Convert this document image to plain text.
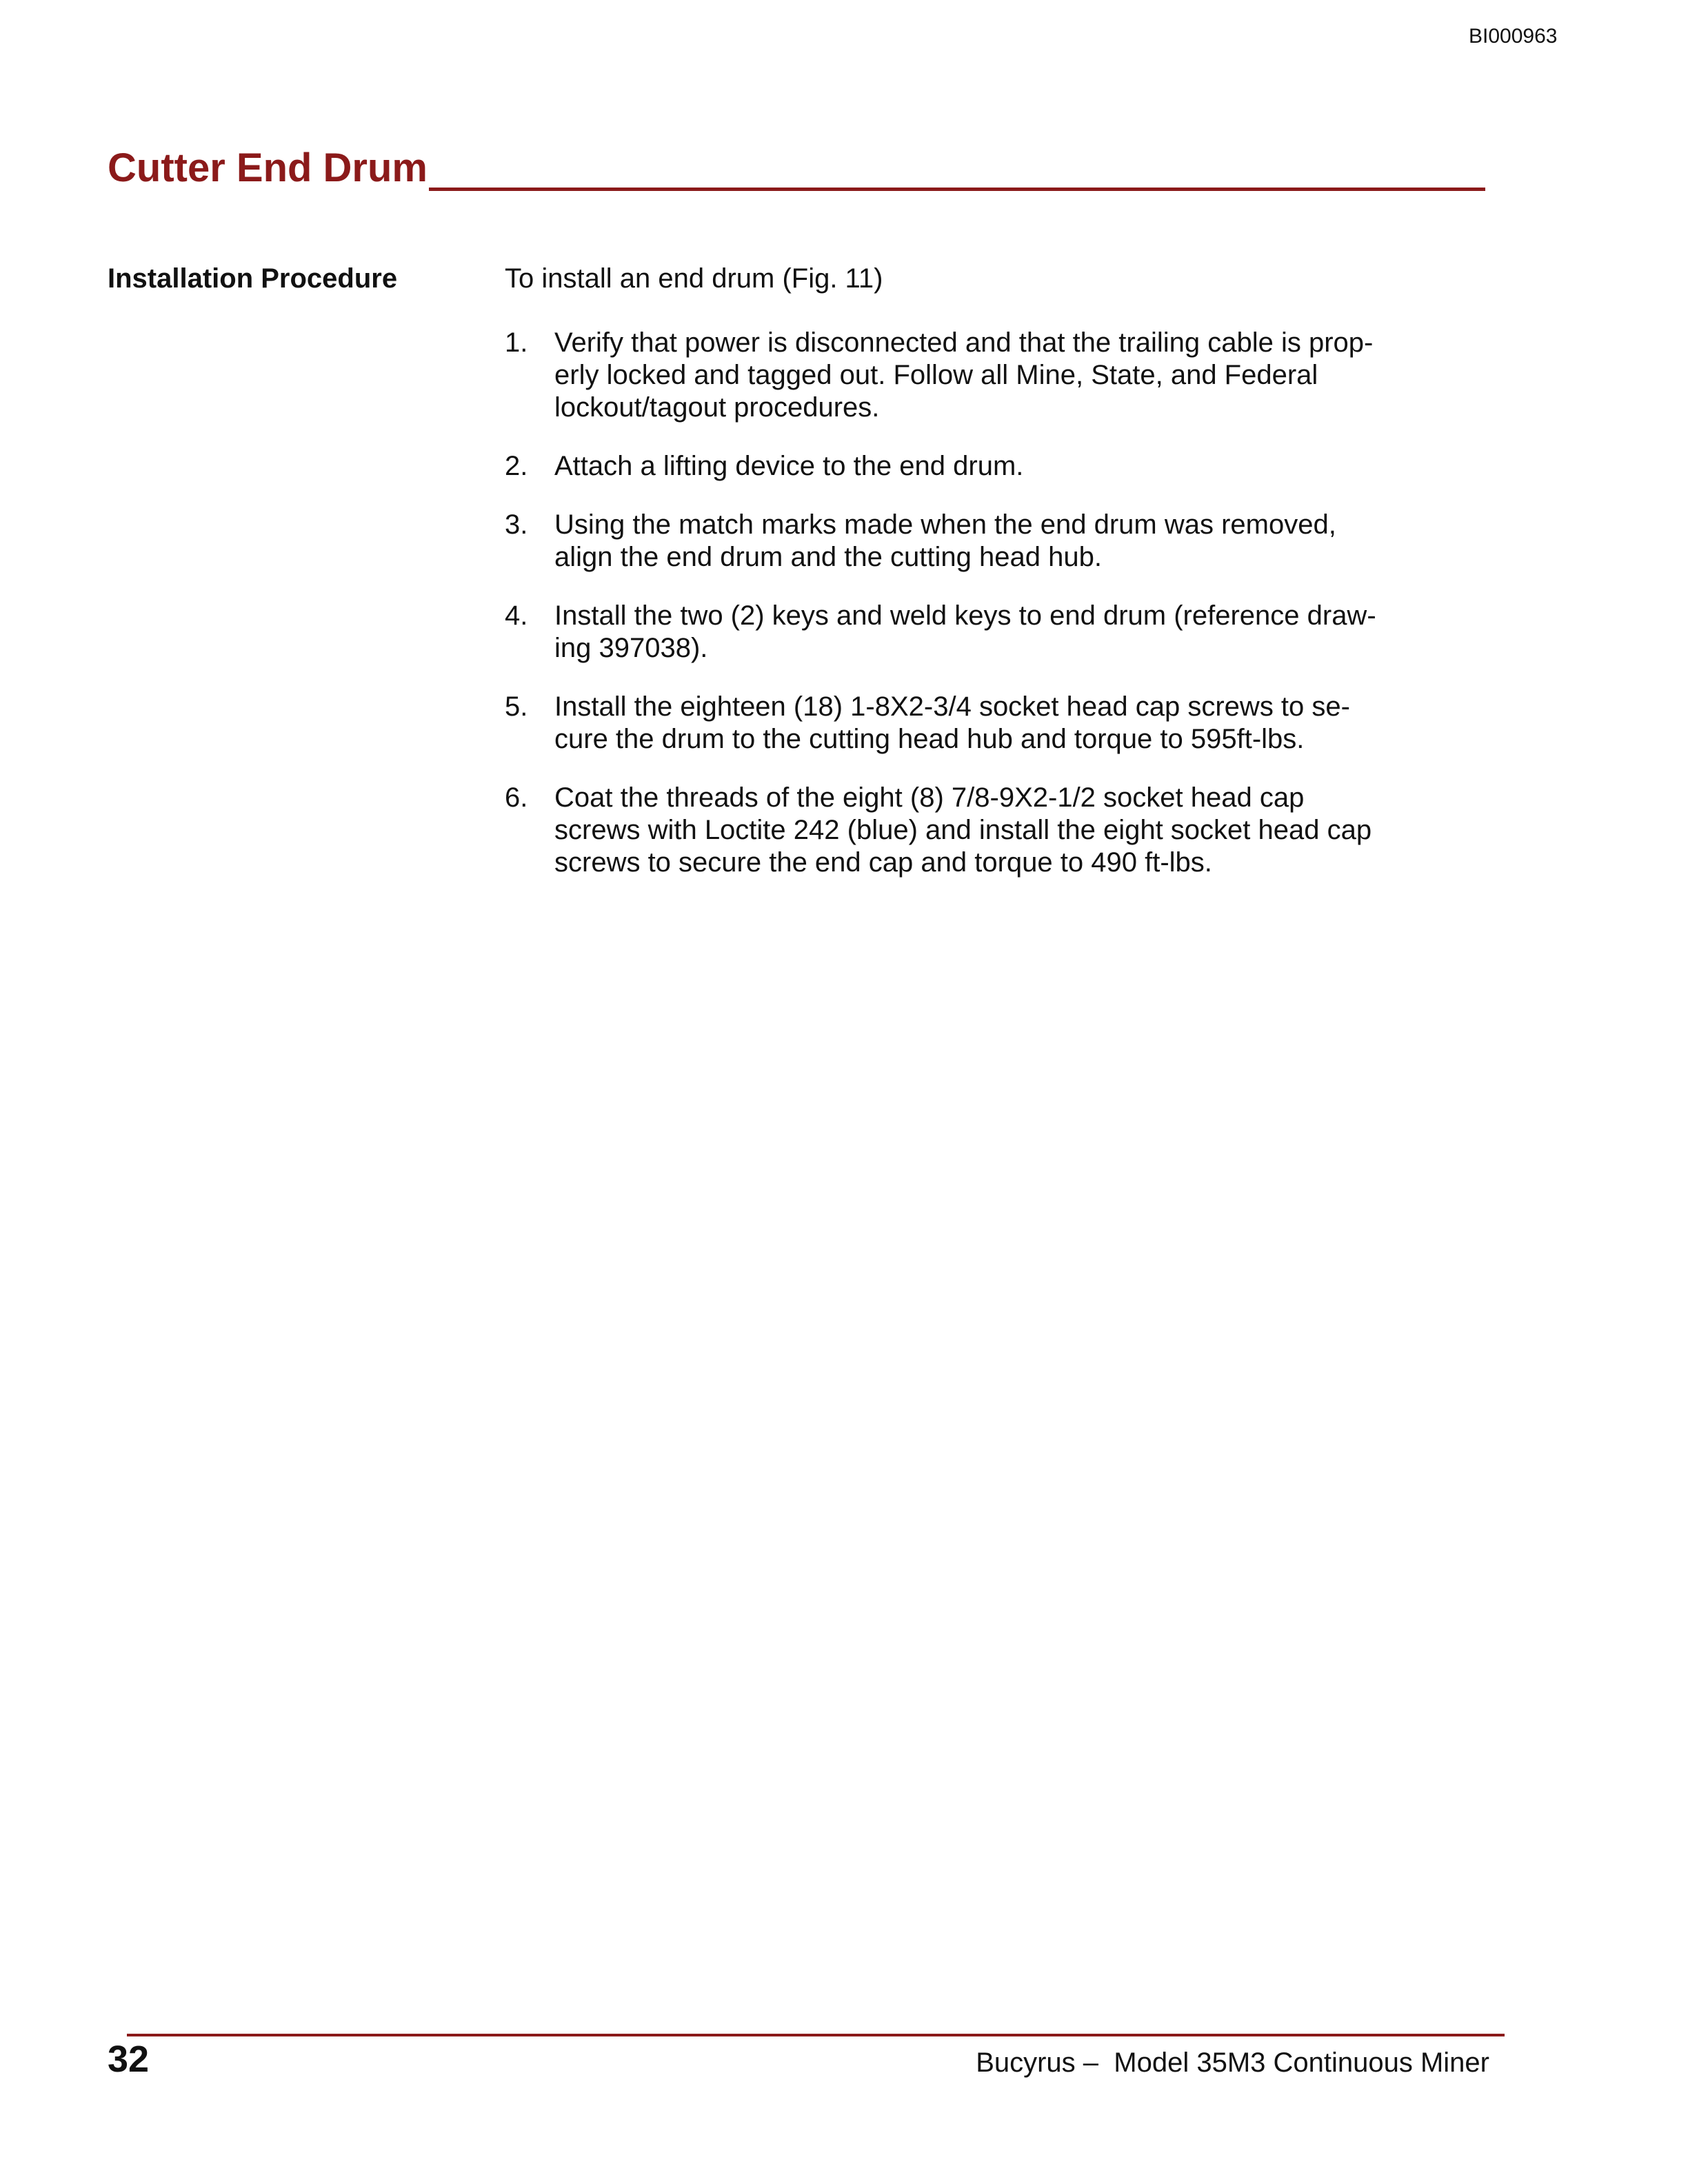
BI000963
Cutter End Drum
Installation Procedure	To install an end drum (Fig. 11)
1. Verify that power is disconnected and that the trailing cable is prop-
erly locked and tagged out. Follow all Mine, State, and Federal
lockout/tagout procedures.
2. Attach a lifting device to the end drum.
3. Using the match marks made when the end drum was removed,
align the end drum and the cutting head hub.
4. Install the two (2) keys and weld keys to end drum (reference draw-
ing 397038).
5. Install the eighteen (18) 1-8X2-3/4 socket head cap screws to se-
cure the drum to the cutting head hub and torque to 595ft-lbs.
6. Coat the threads of the eight (8) 7/8-9X2-1/2 socket head cap
screws with Loctite 242 (blue) and install the eight socket head cap
screws to secure the end cap and torque to 490 ft-lbs.
32	Bucyrus –  Model 35M3 Continuous Miner
